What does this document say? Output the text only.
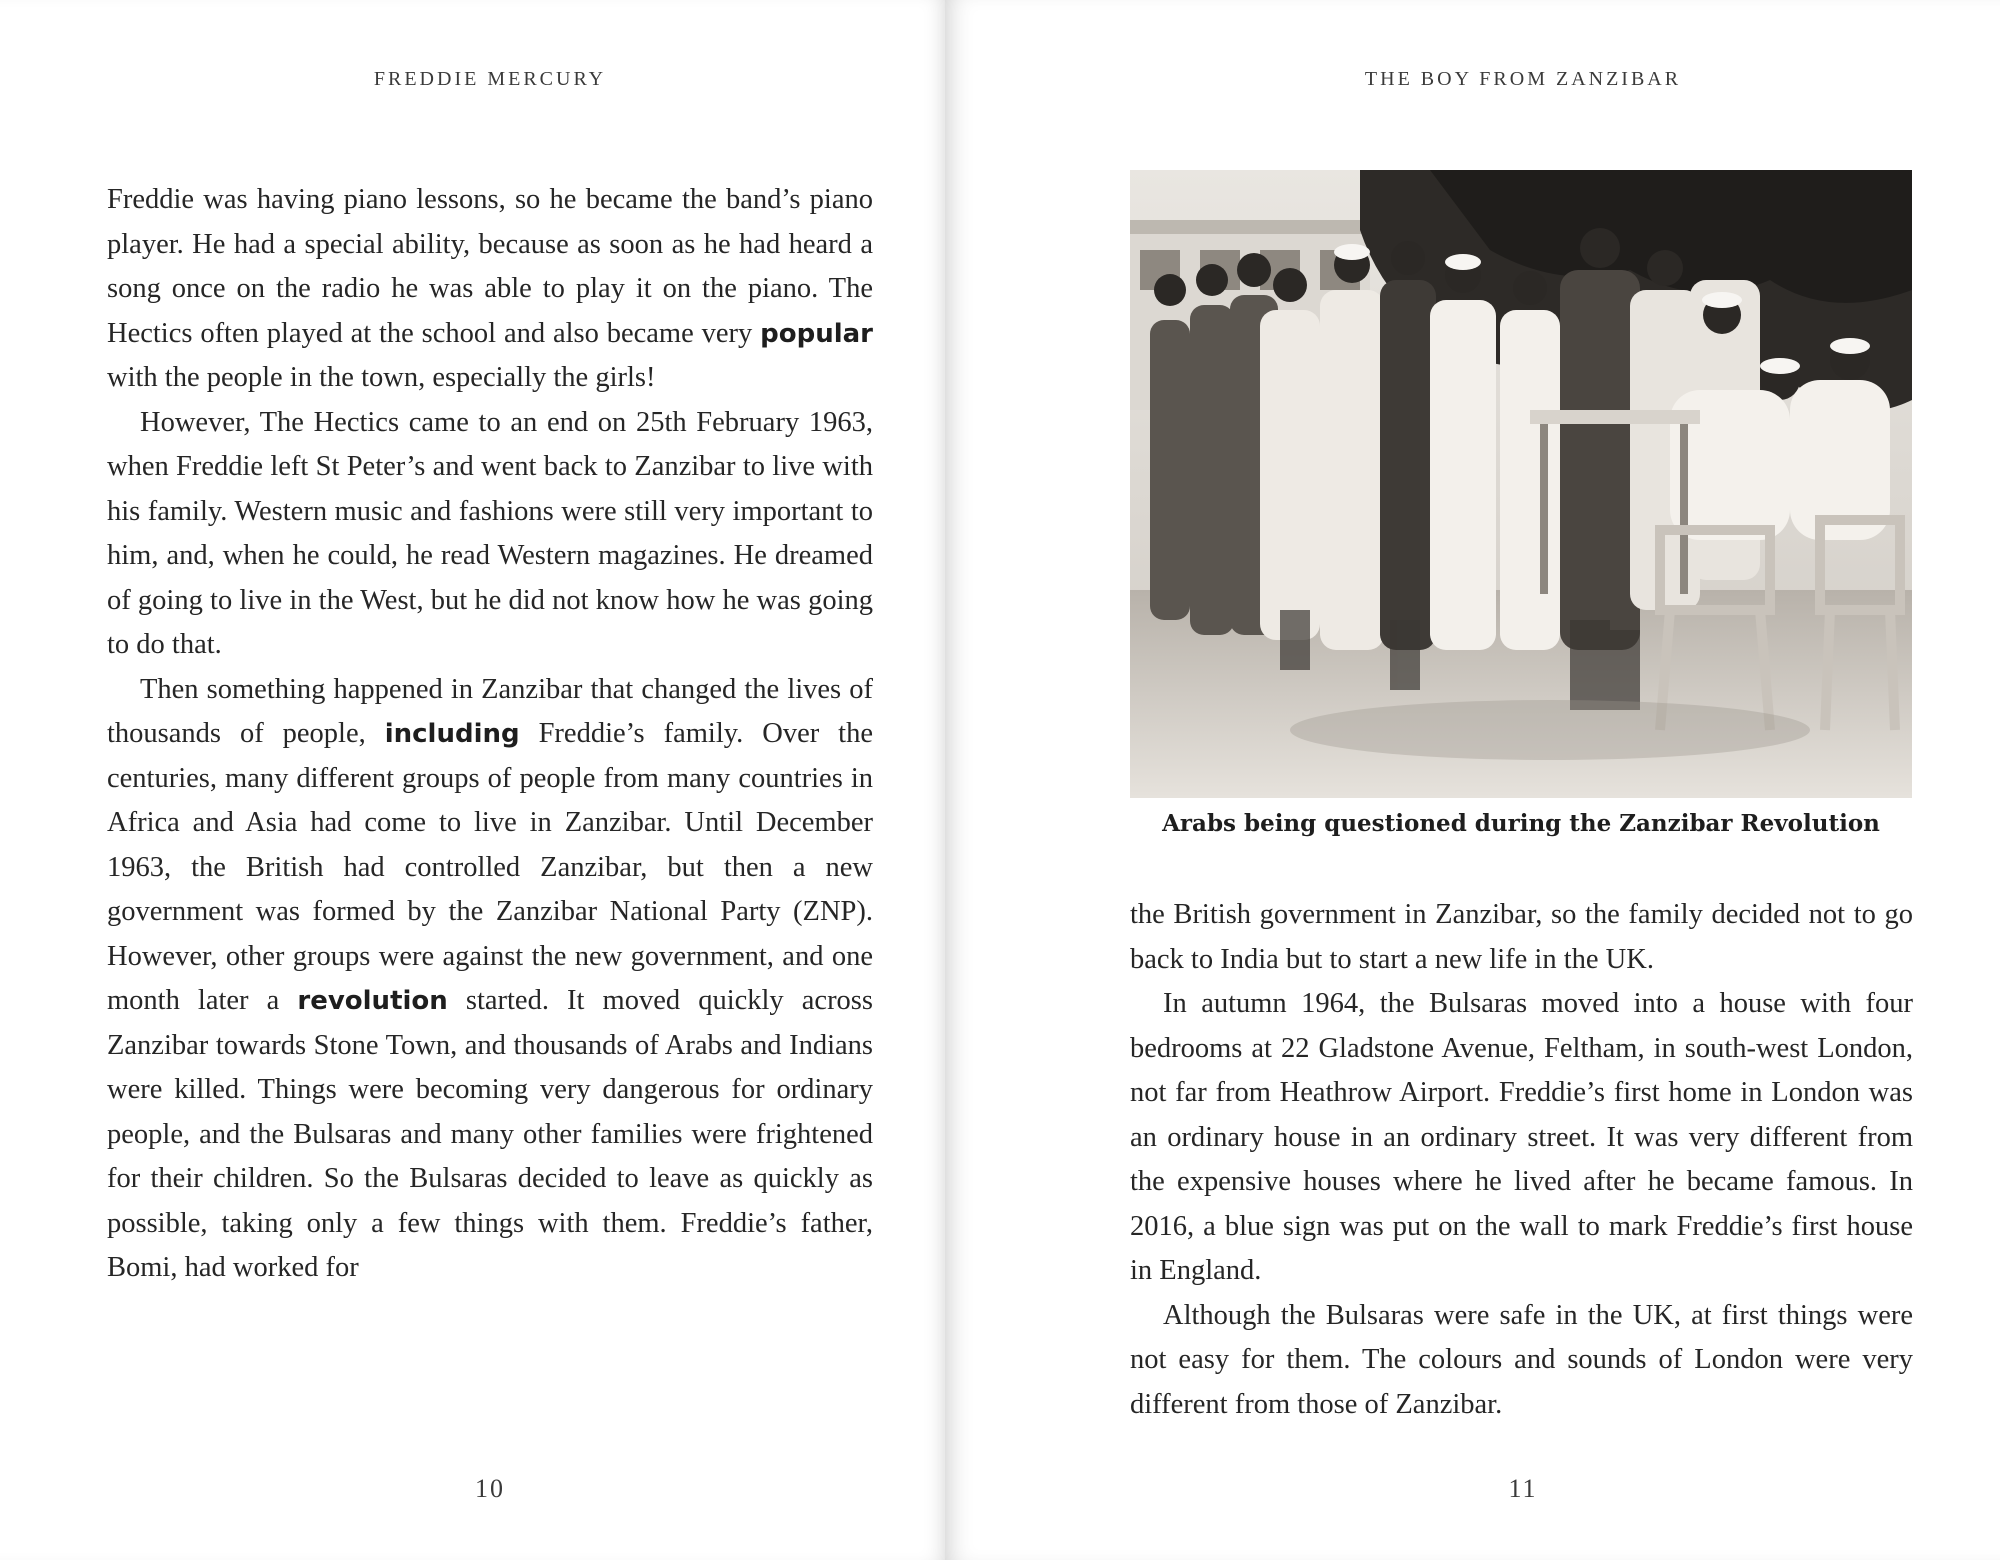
FREDDIE MERCURY

Freddie was having piano lessons, so he became the band’s piano player. He had a special ability, because as soon as he had heard a song once on the radio he was able to play it on the piano. The Hectics often played at the school and also became very popular with the people in the town, especially the girls!

However, The Hectics came to an end on 25th February 1963, when Freddie left St Peter’s and went back to Zanzibar to live with his family. Western music and fashions were still very important to him, and, when he could, he read Western magazines. He dreamed of going to live in the West, but he did not know how he was going to do that.

Then something happened in Zanzibar that changed the lives of thousands of people, including Freddie’s family. Over the centuries, many different groups of people from many countries in Africa and Asia had come to live in Zanzibar. Until December 1963, the British had controlled Zanzibar, but then a new government was formed by the Zanzibar National Party (ZNP). However, other groups were against the new government, and one month later a revolution started. It moved quickly across Zanzibar towards Stone Town, and thousands of Arabs and Indians were killed. Things were becoming very dangerous for ordinary people, and the Bulsaras and many other families were frightened for their children. So the Bulsaras decided to leave as quickly as possible, taking only a few things with them. Freddie’s father, Bomi, had worked for

10
THE BOY FROM ZANZIBAR
Arabs being questioned during the Zanzibar Revolution

the British government in Zanzibar, so the family decided not to go back to India but to start a new life in the UK.

In autumn 1964, the Bulsaras moved into a house with four bedrooms at 22 Gladstone Avenue, Feltham, in south-west London, not far from Heathrow Airport. Freddie’s first home in London was an ordinary house in an ordinary street. It was very different from the expensive houses where he lived after he became famous. In 2016, a blue sign was put on the wall to mark Freddie’s first house in England.

Although the Bulsaras were safe in the UK, at first things were not easy for them. The colours and sounds of London were very different from those of Zanzibar.

11
